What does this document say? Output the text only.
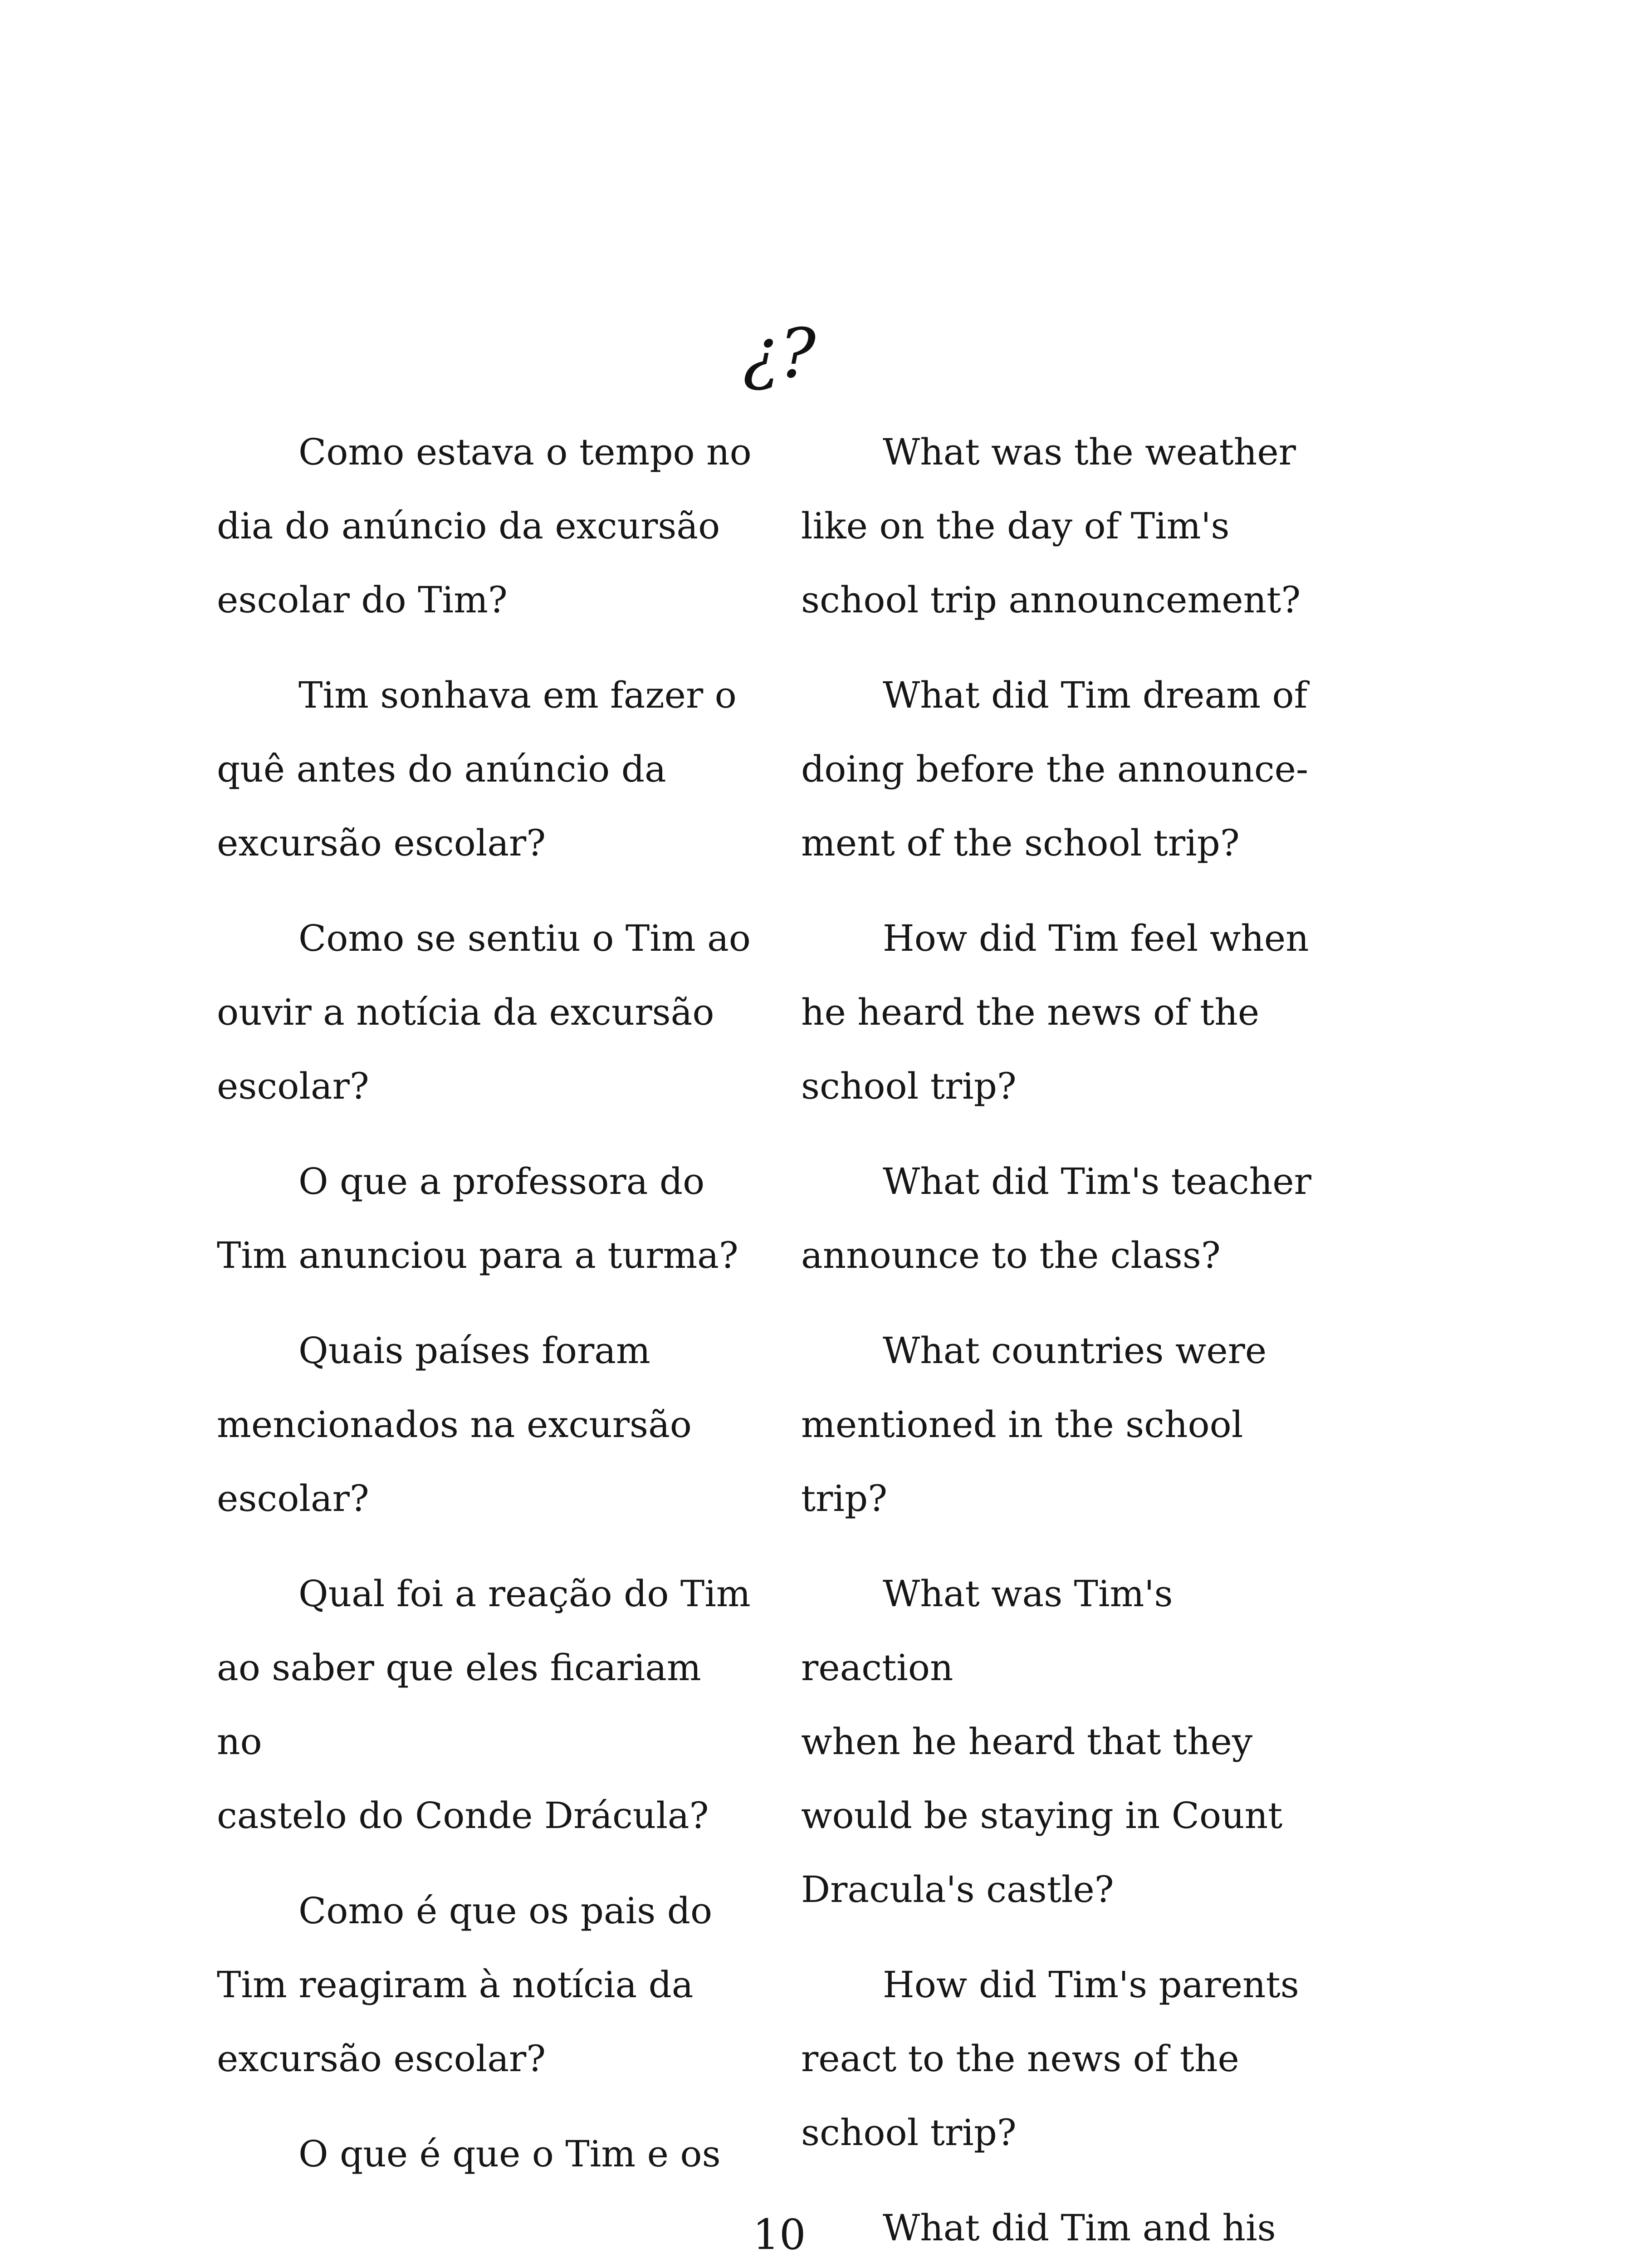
¿?

Como estava o tempo no
dia do anúncio da excursão
escolar do Tim?

Tim sonhava em fazer o
quê antes do anúncio da
excursão escolar?

Como se sentiu o Tim ao
ouvir a notícia da excursão
escolar?

O que a professora do
Tim anunciou para a turma?

Quais países foram
mencionados na excursão
escolar?

Qual foi a reação do Tim
ao saber que eles ficariam no
castelo do Conde Drácula?

Como é que os pais do
Tim reagiram à notícia da
excursão escolar?

O que é que o Tim e os

What was the weather
like on the day of Tim's
school trip announcement?

What did Tim dream of
doing before the announce-
ment of the school trip?

How did Tim feel when
he heard the news of the
school trip?

What did Tim's teacher
announce to the class?

What countries were
mentioned in the school trip?

What was Tim's reaction
when he heard that they
would be staying in Count
Dracula's castle?

How did Tim's parents
react to the news of the
school trip?

What did Tim and his

10
